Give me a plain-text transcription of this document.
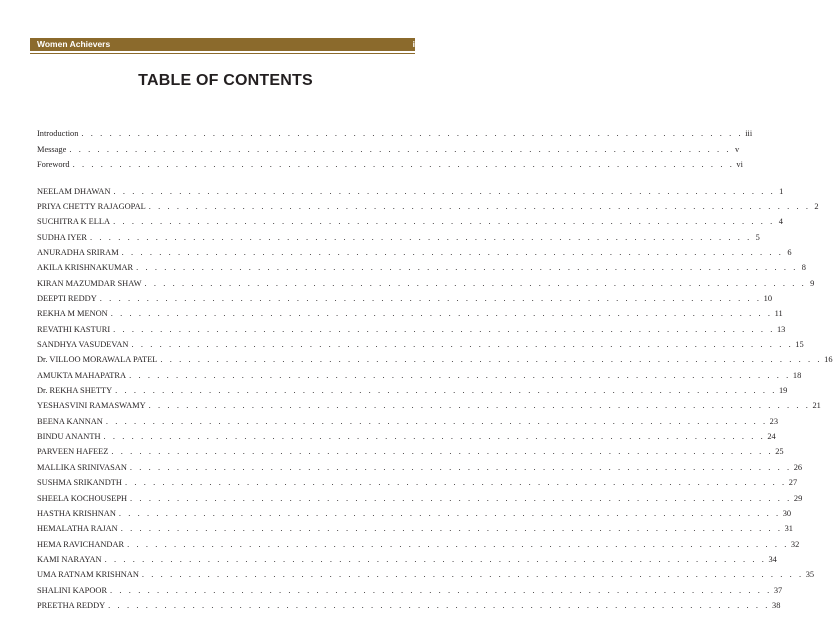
Women Achievers	i
TABLE OF CONTENTS
Introduction . . . . . . . . . . . . . . . . . . . . . . . . . . . . . . . . . . . . . . . . . . . . . . . . . . . . . . . . . . . . . . . . . . . . . . . iii
Message . . . . . . . . . . . . . . . . . . . . . . . . . . . . . . . . . . . . . . . . . . . . . . . . . . . . . . . . . . . . . . . . . . . . . . . v
Foreword . . . . . . . . . . . . . . . . . . . . . . . . . . . . . . . . . . . . . . . . . . . . . . . . . . . . . . . . . . . . . . . . . . . . . . . vi
NEELAM DHAWAN . . . . . . . . . . . . . . . . . . . . . . . . . . . . . . . . . . . . . . . . . . . . . . . . . . . . . . . . . . . . . . . . . . . . . . . 1
PRIYA CHETTY RAJAGOPAL . . . . . . . . . . . . . . . . . . . . . . . . . . . . . . . . . . . . . . . . . . . . . . . . . . . . . . . . . . . . . . . . . . . . . . . 2
SUCHITRA K ELLA . . . . . . . . . . . . . . . . . . . . . . . . . . . . . . . . . . . . . . . . . . . . . . . . . . . . . . . . . . . . . . . . . . . . . . . 4
SUDHA IYER . . . . . . . . . . . . . . . . . . . . . . . . . . . . . . . . . . . . . . . . . . . . . . . . . . . . . . . . . . . . . . . . . . . . . . . 5
ANURADHA SRIRAM . . . . . . . . . . . . . . . . . . . . . . . . . . . . . . . . . . . . . . . . . . . . . . . . . . . . . . . . . . . . . . . . . . . . . . . 6
AKILA KRISHNAKUMAR . . . . . . . . . . . . . . . . . . . . . . . . . . . . . . . . . . . . . . . . . . . . . . . . . . . . . . . . . . . . . . . . . . . . . . . 8
KIRAN MAZUMDAR SHAW . . . . . . . . . . . . . . . . . . . . . . . . . . . . . . . . . . . . . . . . . . . . . . . . . . . . . . . . . . . . . . . . . . . . . . . 9
DEEPTI REDDY . . . . . . . . . . . . . . . . . . . . . . . . . . . . . . . . . . . . . . . . . . . . . . . . . . . . . . . . . . . . . . . . . . . . . . . 10
REKHA M MENON . . . . . . . . . . . . . . . . . . . . . . . . . . . . . . . . . . . . . . . . . . . . . . . . . . . . . . . . . . . . . . . . . . . . . . . 11
REVATHI KASTURI . . . . . . . . . . . . . . . . . . . . . . . . . . . . . . . . . . . . . . . . . . . . . . . . . . . . . . . . . . . . . . . . . . . . . . . 13
SANDHYA VASUDEVAN . . . . . . . . . . . . . . . . . . . . . . . . . . . . . . . . . . . . . . . . . . . . . . . . . . . . . . . . . . . . . . . . . . . . . . . 15
Dr. VILLOO MORAWALA PATEL . . . . . . . . . . . . . . . . . . . . . . . . . . . . . . . . . . . . . . . . . . . . . . . . . . . . . . . . . . . . . . . . . . . . . . . 16
AMUKTA MAHAPATRA . . . . . . . . . . . . . . . . . . . . . . . . . . . . . . . . . . . . . . . . . . . . . . . . . . . . . . . . . . . . . . . . . . . . . . . 18
Dr. REKHA SHETTY . . . . . . . . . . . . . . . . . . . . . . . . . . . . . . . . . . . . . . . . . . . . . . . . . . . . . . . . . . . . . . . . . . . . . . . 19
YESHASVINI RAMASWAMY . . . . . . . . . . . . . . . . . . . . . . . . . . . . . . . . . . . . . . . . . . . . . . . . . . . . . . . . . . . . . . . . . . . . . . . 21
BEENA KANNAN . . . . . . . . . . . . . . . . . . . . . . . . . . . . . . . . . . . . . . . . . . . . . . . . . . . . . . . . . . . . . . . . . . . . . . . 23
BINDU ANANTH . . . . . . . . . . . . . . . . . . . . . . . . . . . . . . . . . . . . . . . . . . . . . . . . . . . . . . . . . . . . . . . . . . . . . . . 24
PARVEEN HAFEEZ . . . . . . . . . . . . . . . . . . . . . . . . . . . . . . . . . . . . . . . . . . . . . . . . . . . . . . . . . . . . . . . . . . . . . . . 25
MALLIKA SRINIVASAN . . . . . . . . . . . . . . . . . . . . . . . . . . . . . . . . . . . . . . . . . . . . . . . . . . . . . . . . . . . . . . . . . . . . . . . 26
SUSHMA SRIKANDTH . . . . . . . . . . . . . . . . . . . . . . . . . . . . . . . . . . . . . . . . . . . . . . . . . . . . . . . . . . . . . . . . . . . . . . . 27
SHEELA KOCHOUSEPH . . . . . . . . . . . . . . . . . . . . . . . . . . . . . . . . . . . . . . . . . . . . . . . . . . . . . . . . . . . . . . . . . . . . . . . 29
HASTHA KRISHNAN . . . . . . . . . . . . . . . . . . . . . . . . . . . . . . . . . . . . . . . . . . . . . . . . . . . . . . . . . . . . . . . . . . . . . . . 30
HEMALATHA RAJAN . . . . . . . . . . . . . . . . . . . . . . . . . . . . . . . . . . . . . . . . . . . . . . . . . . . . . . . . . . . . . . . . . . . . . . . 31
HEMA RAVICHANDAR . . . . . . . . . . . . . . . . . . . . . . . . . . . . . . . . . . . . . . . . . . . . . . . . . . . . . . . . . . . . . . . . . . . . . . . 32
KAMI NARAYAN . . . . . . . . . . . . . . . . . . . . . . . . . . . . . . . . . . . . . . . . . . . . . . . . . . . . . . . . . . . . . . . . . . . . . . . 34
UMA RATNAM KRISHNAN . . . . . . . . . . . . . . . . . . . . . . . . . . . . . . . . . . . . . . . . . . . . . . . . . . . . . . . . . . . . . . . . . . . . . . . 35
SHALINI KAPOOR . . . . . . . . . . . . . . . . . . . . . . . . . . . . . . . . . . . . . . . . . . . . . . . . . . . . . . . . . . . . . . . . . . . . . . . 37
PREETHA REDDY . . . . . . . . . . . . . . . . . . . . . . . . . . . . . . . . . . . . . . . . . . . . . . . . . . . . . . . . . . . . . . . . . . . . . . . 38
